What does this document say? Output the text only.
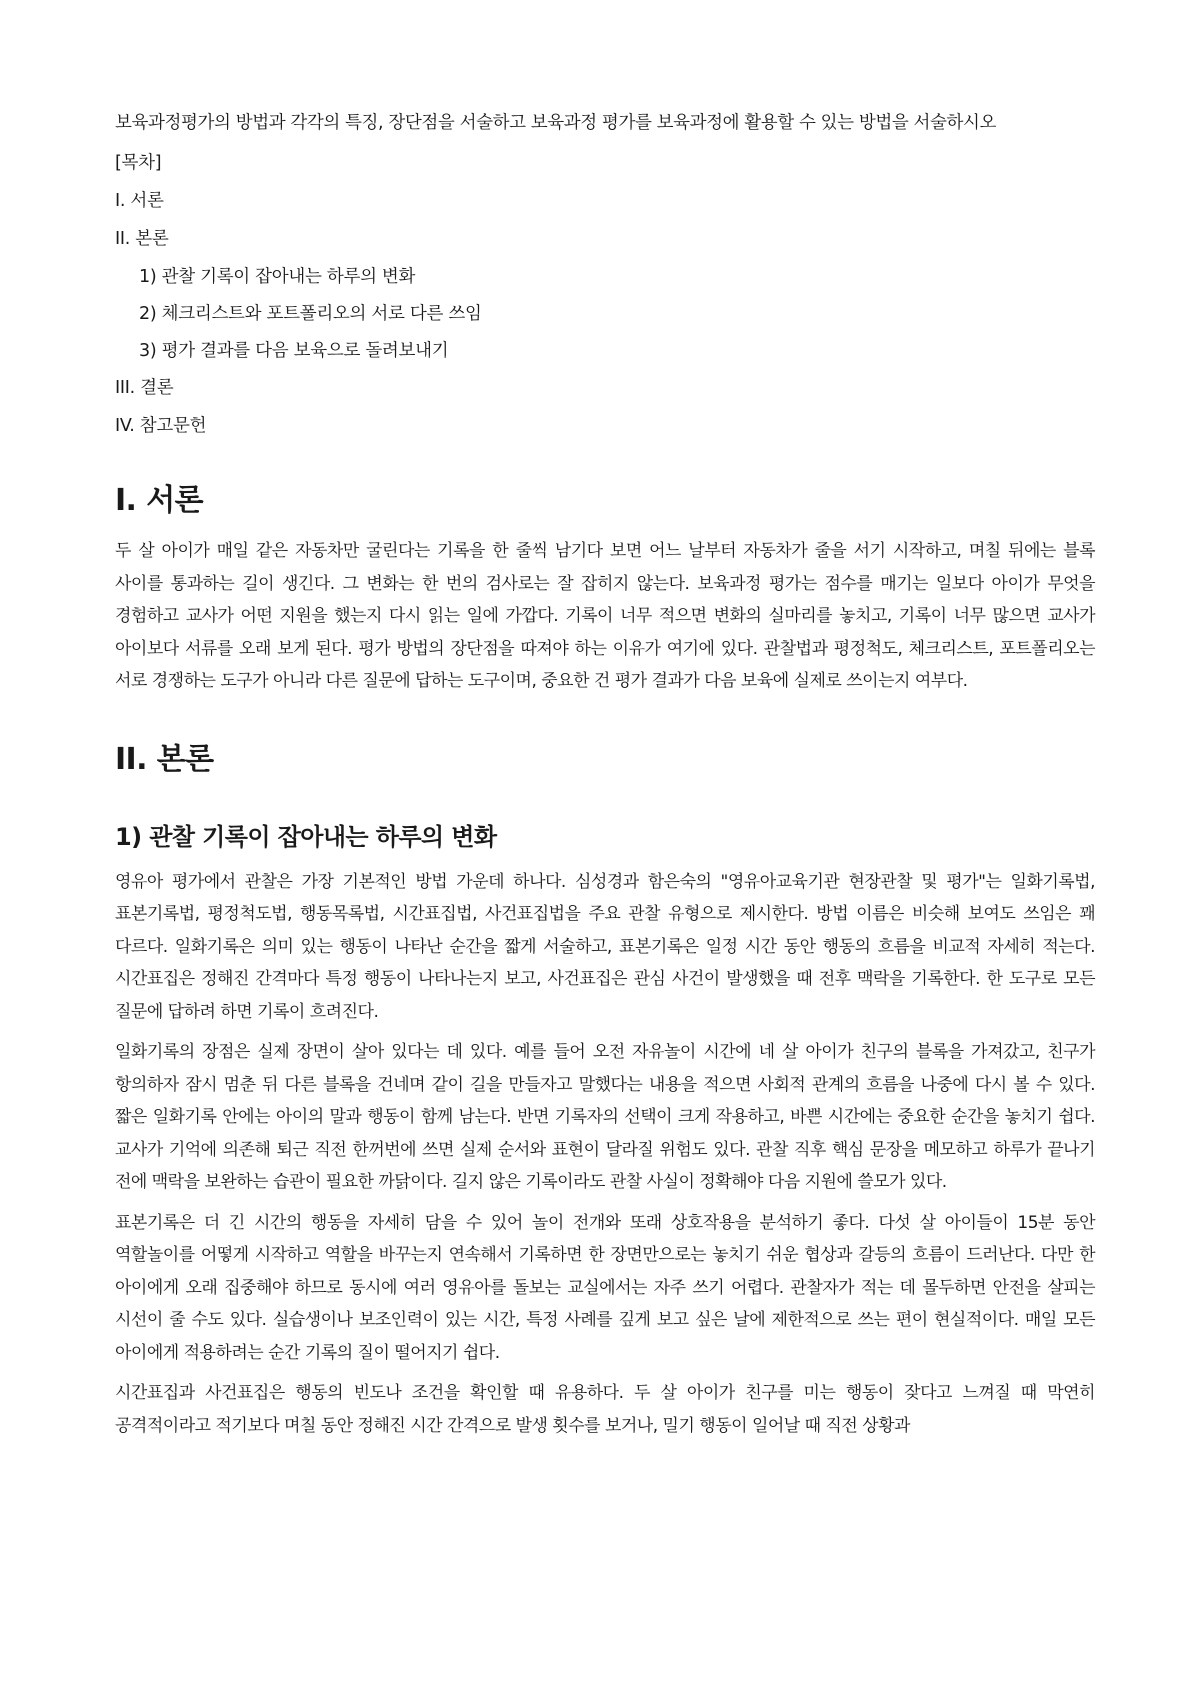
보육과정평가의 방법과 각각의 특징, 장단점을 서술하고 보육과정 평가를 보육과정에 활용할 수 있는 방법을 서술하시오

[목차]
I. 서론
II. 본론
1) 관찰 기록이 잡아내는 하루의 변화
2) 체크리스트와 포트폴리오의 서로 다른 쓰임
3) 평가 결과를 다음 보육으로 돌려보내기
III. 결론
IV. 참고문헌
I. 서론

두 살 아이가 매일 같은 자동차만 굴린다는 기록을 한 줄씩 남기다 보면 어느 날부터 자동차가 줄을 서기 시작하고, 며칠 뒤에는 블록 사이를 통과하는 길이 생긴다. 그 변화는 한 번의 검사로는 잘 잡히지 않는다. 보육과정 평가는 점수를 매기는 일보다 아이가 무엇을 경험하고 교사가 어떤 지원을 했는지 다시 읽는 일에 가깝다. 기록이 너무 적으면 변화의 실마리를 놓치고, 기록이 너무 많으면 교사가 아이보다 서류를 오래 보게 된다. 평가 방법의 장단점을 따져야 하는 이유가 여기에 있다. 관찰법과 평정척도, 체크리스트, 포트폴리오는 서로 경쟁하는 도구가 아니라 다른 질문에 답하는 도구이며, 중요한 건 평가 결과가 다음 보육에 실제로 쓰이는지 여부다.

II. 본론
1) 관찰 기록이 잡아내는 하루의 변화

영유아 평가에서 관찰은 가장 기본적인 방법 가운데 하나다. 심성경과 함은숙의 "영유아교육기관 현장관찰 및 평가"는 일화기록법, 표본기록법, 평정척도법, 행동목록법, 시간표집법, 사건표집법을 주요 관찰 유형으로 제시한다. 방법 이름은 비슷해 보여도 쓰임은 꽤 다르다. 일화기록은 의미 있는 행동이 나타난 순간을 짧게 서술하고, 표본기록은 일정 시간 동안 행동의 흐름을 비교적 자세히 적는다. 시간표집은 정해진 간격마다 특정 행동이 나타나는지 보고, 사건표집은 관심 사건이 발생했을 때 전후 맥락을 기록한다. 한 도구로 모든 질문에 답하려 하면 기록이 흐려진다.

일화기록의 장점은 실제 장면이 살아 있다는 데 있다. 예를 들어 오전 자유놀이 시간에 네 살 아이가 친구의 블록을 가져갔고, 친구가 항의하자 잠시 멈춘 뒤 다른 블록을 건네며 같이 길을 만들자고 말했다는 내용을 적으면 사회적 관계의 흐름을 나중에 다시 볼 수 있다. 짧은 일화기록 안에는 아이의 말과 행동이 함께 남는다. 반면 기록자의 선택이 크게 작용하고, 바쁜 시간에는 중요한 순간을 놓치기 쉽다. 교사가 기억에 의존해 퇴근 직전 한꺼번에 쓰면 실제 순서와 표현이 달라질 위험도 있다. 관찰 직후 핵심 문장을 메모하고 하루가 끝나기 전에 맥락을 보완하는 습관이 필요한 까닭이다. 길지 않은 기록이라도 관찰 사실이 정확해야 다음 지원에 쓸모가 있다.

표본기록은 더 긴 시간의 행동을 자세히 담을 수 있어 놀이 전개와 또래 상호작용을 분석하기 좋다. 다섯 살 아이들이 15분 동안 역할놀이를 어떻게 시작하고 역할을 바꾸는지 연속해서 기록하면 한 장면만으로는 놓치기 쉬운 협상과 갈등의 흐름이 드러난다. 다만 한 아이에게 오래 집중해야 하므로 동시에 여러 영유아를 돌보는 교실에서는 자주 쓰기 어렵다. 관찰자가 적는 데 몰두하면 안전을 살피는 시선이 줄 수도 있다. 실습생이나 보조인력이 있는 시간, 특정 사례를 깊게 보고 싶은 날에 제한적으로 쓰는 편이 현실적이다. 매일 모든 아이에게 적용하려는 순간 기록의 질이 떨어지기 쉽다.

시간표집과 사건표집은 행동의 빈도나 조건을 확인할 때 유용하다. 두 살 아이가 친구를 미는 행동이 잦다고 느껴질 때 막연히 공격적이라고 적기보다 며칠 동안 정해진 시간 간격으로 발생 횟수를 보거나, 밀기 행동이 일어날 때 직전 상황과
